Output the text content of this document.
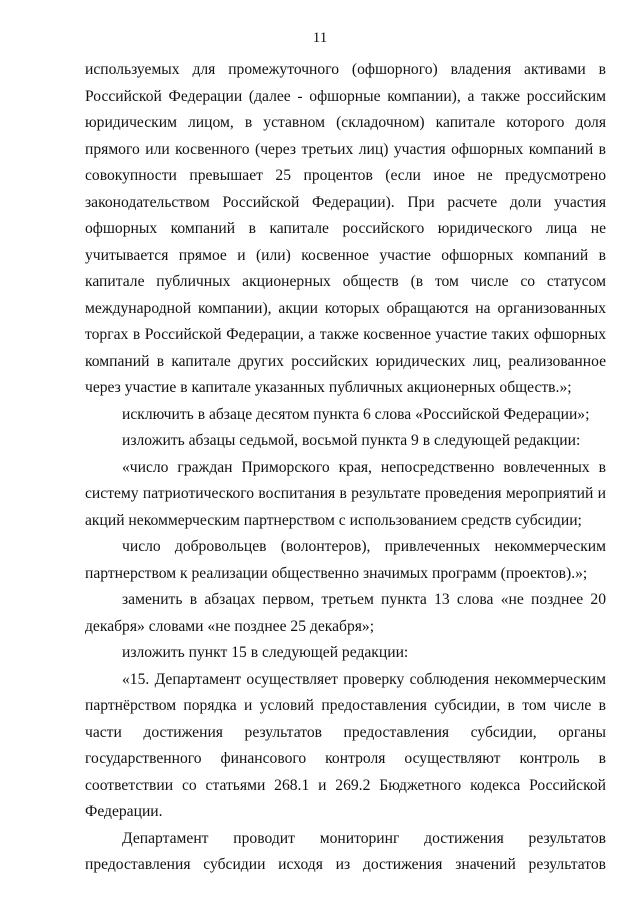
11

используемых для промежуточного (офшорного) владения активами в Российской Федерации (далее - офшорные компании), а также российским юридическим лицом, в уставном (складочном) капитале которого доля прямого или косвенного (через третьих лиц) участия офшорных компаний в совокупности превышает 25 процентов (если иное не предусмотрено законодательством Российской Федерации). При расчете доли участия офшорных компаний в капитале российского юридического лица не учитывается прямое и (или) косвенное участие офшорных компаний в капитале публичных акционерных обществ (в том числе со статусом международной компании), акции которых обращаются на организованных торгах в Российской Федерации, а также косвенное участие таких офшорных компаний в капитале других российских юридических лиц, реализованное через участие в капитале указанных публичных акционерных обществ.»;

исключить в абзаце десятом пункта 6 слова «Российской Федерации»;

изложить абзацы седьмой, восьмой пункта 9 в следующей редакции:

«число граждан Приморского края, непосредственно вовлеченных в систему патриотического воспитания в результате проведения мероприятий и акций некоммерческим партнерством с использованием средств субсидии;

число добровольцев (волонтеров), привлеченных некоммерческим партнерством к реализации общественно значимых программ (проектов).»;

заменить в абзацах первом, третьем пункта 13 слова «не позднее 20 декабря» словами «не позднее 25 декабря»;

изложить пункт 15 в следующей редакции:

«15. Департамент осуществляет проверку соблюдения некоммерческим партнёрством порядка и условий предоставления субсидии, в том числе в части достижения результатов предоставления субсидии, органы государственного финансового контроля осуществляют контроль в соответствии со статьями 268.1 и 269.2 Бюджетного кодекса Российской Федерации.

Департамент проводит мониторинг достижения результатов предоставления субсидии исходя из достижения значений результатов
